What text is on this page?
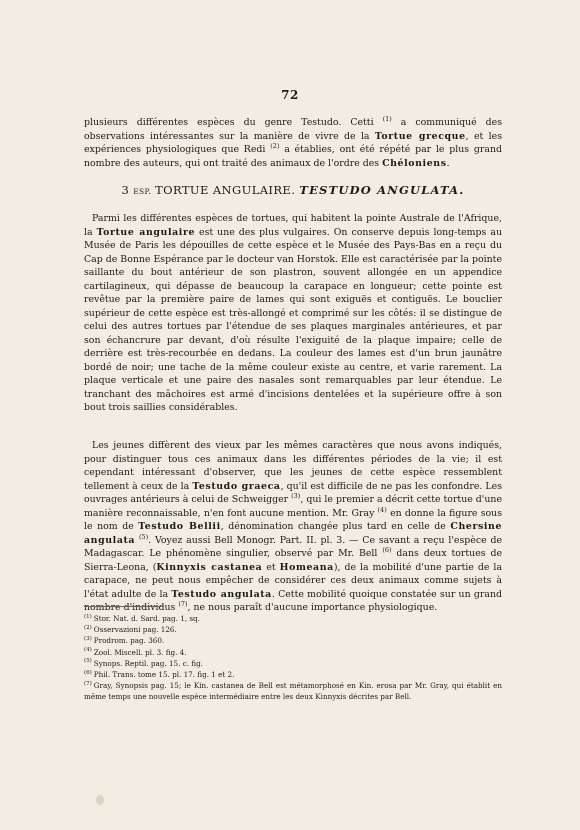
72

plusieurs différentes espèces du genre Testudo. Cetti $^{(1)}$ a communiqué des observations intéressantes sur la manière de vivre de la Tortue grecque, et les expériences physiologiques que Redi $^{(2)}$ a établies, ont été répété par le plus grand nombre des auteurs, qui ont traité des animaux de l'ordre des Chéloniens.

3 ESP. TORTUE ANGULAIRE. TESTUDO ANGULATA.

Parmi les différentes espèces de tortues, qui habitent la pointe Australe de l'Afrique, la Tortue angulaire est une des plus vulgaires. On conserve depuis long-temps au Musée de Paris les dépouilles de cette espèce et le Musée des Pays-Bas en a reçu du Cap de Bonne Espérance par le docteur van Horstok. Elle est caractérisée par la pointe saillante du bout antérieur de son plastron, souvent allongée en un appendice cartilagineux, qui dépasse de beaucoup la carapace en longueur; cette pointe est revêtue par la première paire de lames qui sont exiguës et contiguës. Le bouclier supérieur de cette espèce est très-allongé et comprimé sur les côtés: il se distingue de celui des autres tortues par l'étendue de ses plaques marginales antérieures, et par son échancrure par devant, d'où résulte l'exiguité de la plaque impaire; celle de derrière est très-recourbée en dedans. La couleur des lames est d'un brun jaunâtre bordé de noir; une tache de la même couleur existe au centre, et varie rarement. La plaque verticale et une paire des nasales sont remarquables par leur étendue. Le tranchant des mâchoires est armé d'incisions dentelées et la supérieure offre à son bout trois saillies considérables.

Les jeunes diffèrent des vieux par les mêmes caractères que nous avons indiqués, pour distinguer tous ces animaux dans les différentes périodes de la vie; il est cependant intéressant d'observer, que les jeunes de cette espèce ressemblent tellement à ceux de la Testudo graeca, qu'il est difficile de ne pas les confondre. Les ouvrages antérieurs à celui de Schweigger $^{(3)}$, qui le premier a décrit cette tortue d'une manière reconnaissable, n'en font aucune mention. Mr. Gray $^{(4)}$ en donne la figure sous le nom de Testudo Bellii, dénomination changée plus tard en celle de Chersine angulata $^{(5)}$. Voyez aussi Bell Monogr. Part. II. pl. 3. — Ce savant a reçu l'espèce de Madagascar. Le phénomène singulier, observé par Mr. Bell $^{(6)}$ dans deux tortues de Sierra-Leona, (Kinnyxis castanea et Homeana), de la mobilité d'une partie de la carapace, ne peut nous empêcher de considérer ces deux animaux comme sujets à l'état adulte de la Testudo angulata. Cette mobilité quoique constatée sur un grand nombre d'individus $^{(7)}$, ne nous paraît d'aucune importance physiologique.

$^{(1)}$ Stor. Nat. d. Sard. pag. 1, sq.

$^{(2)}$ Osservazioni pag. 126.

$^{(3)}$ Prodrom. pag. 360.

$^{(4)}$ Zool. Miscell. pl. 3. fig. 4.

$^{(5)}$ Synops. Reptil. pag. 15. c. fig.

$^{(6)}$ Phil. Trans. tome 15. pl. 17. fig. 1 et 2.

$^{(7)}$ Gray, Synopsis pag. 15; le Kin. castanea de Bell est métamorphosé en Kin. erosa par Mr. Gray, qui établit en même temps une nouvelle espèce intermédiaire entre les deux Kinnyxis décrites par Bell.
